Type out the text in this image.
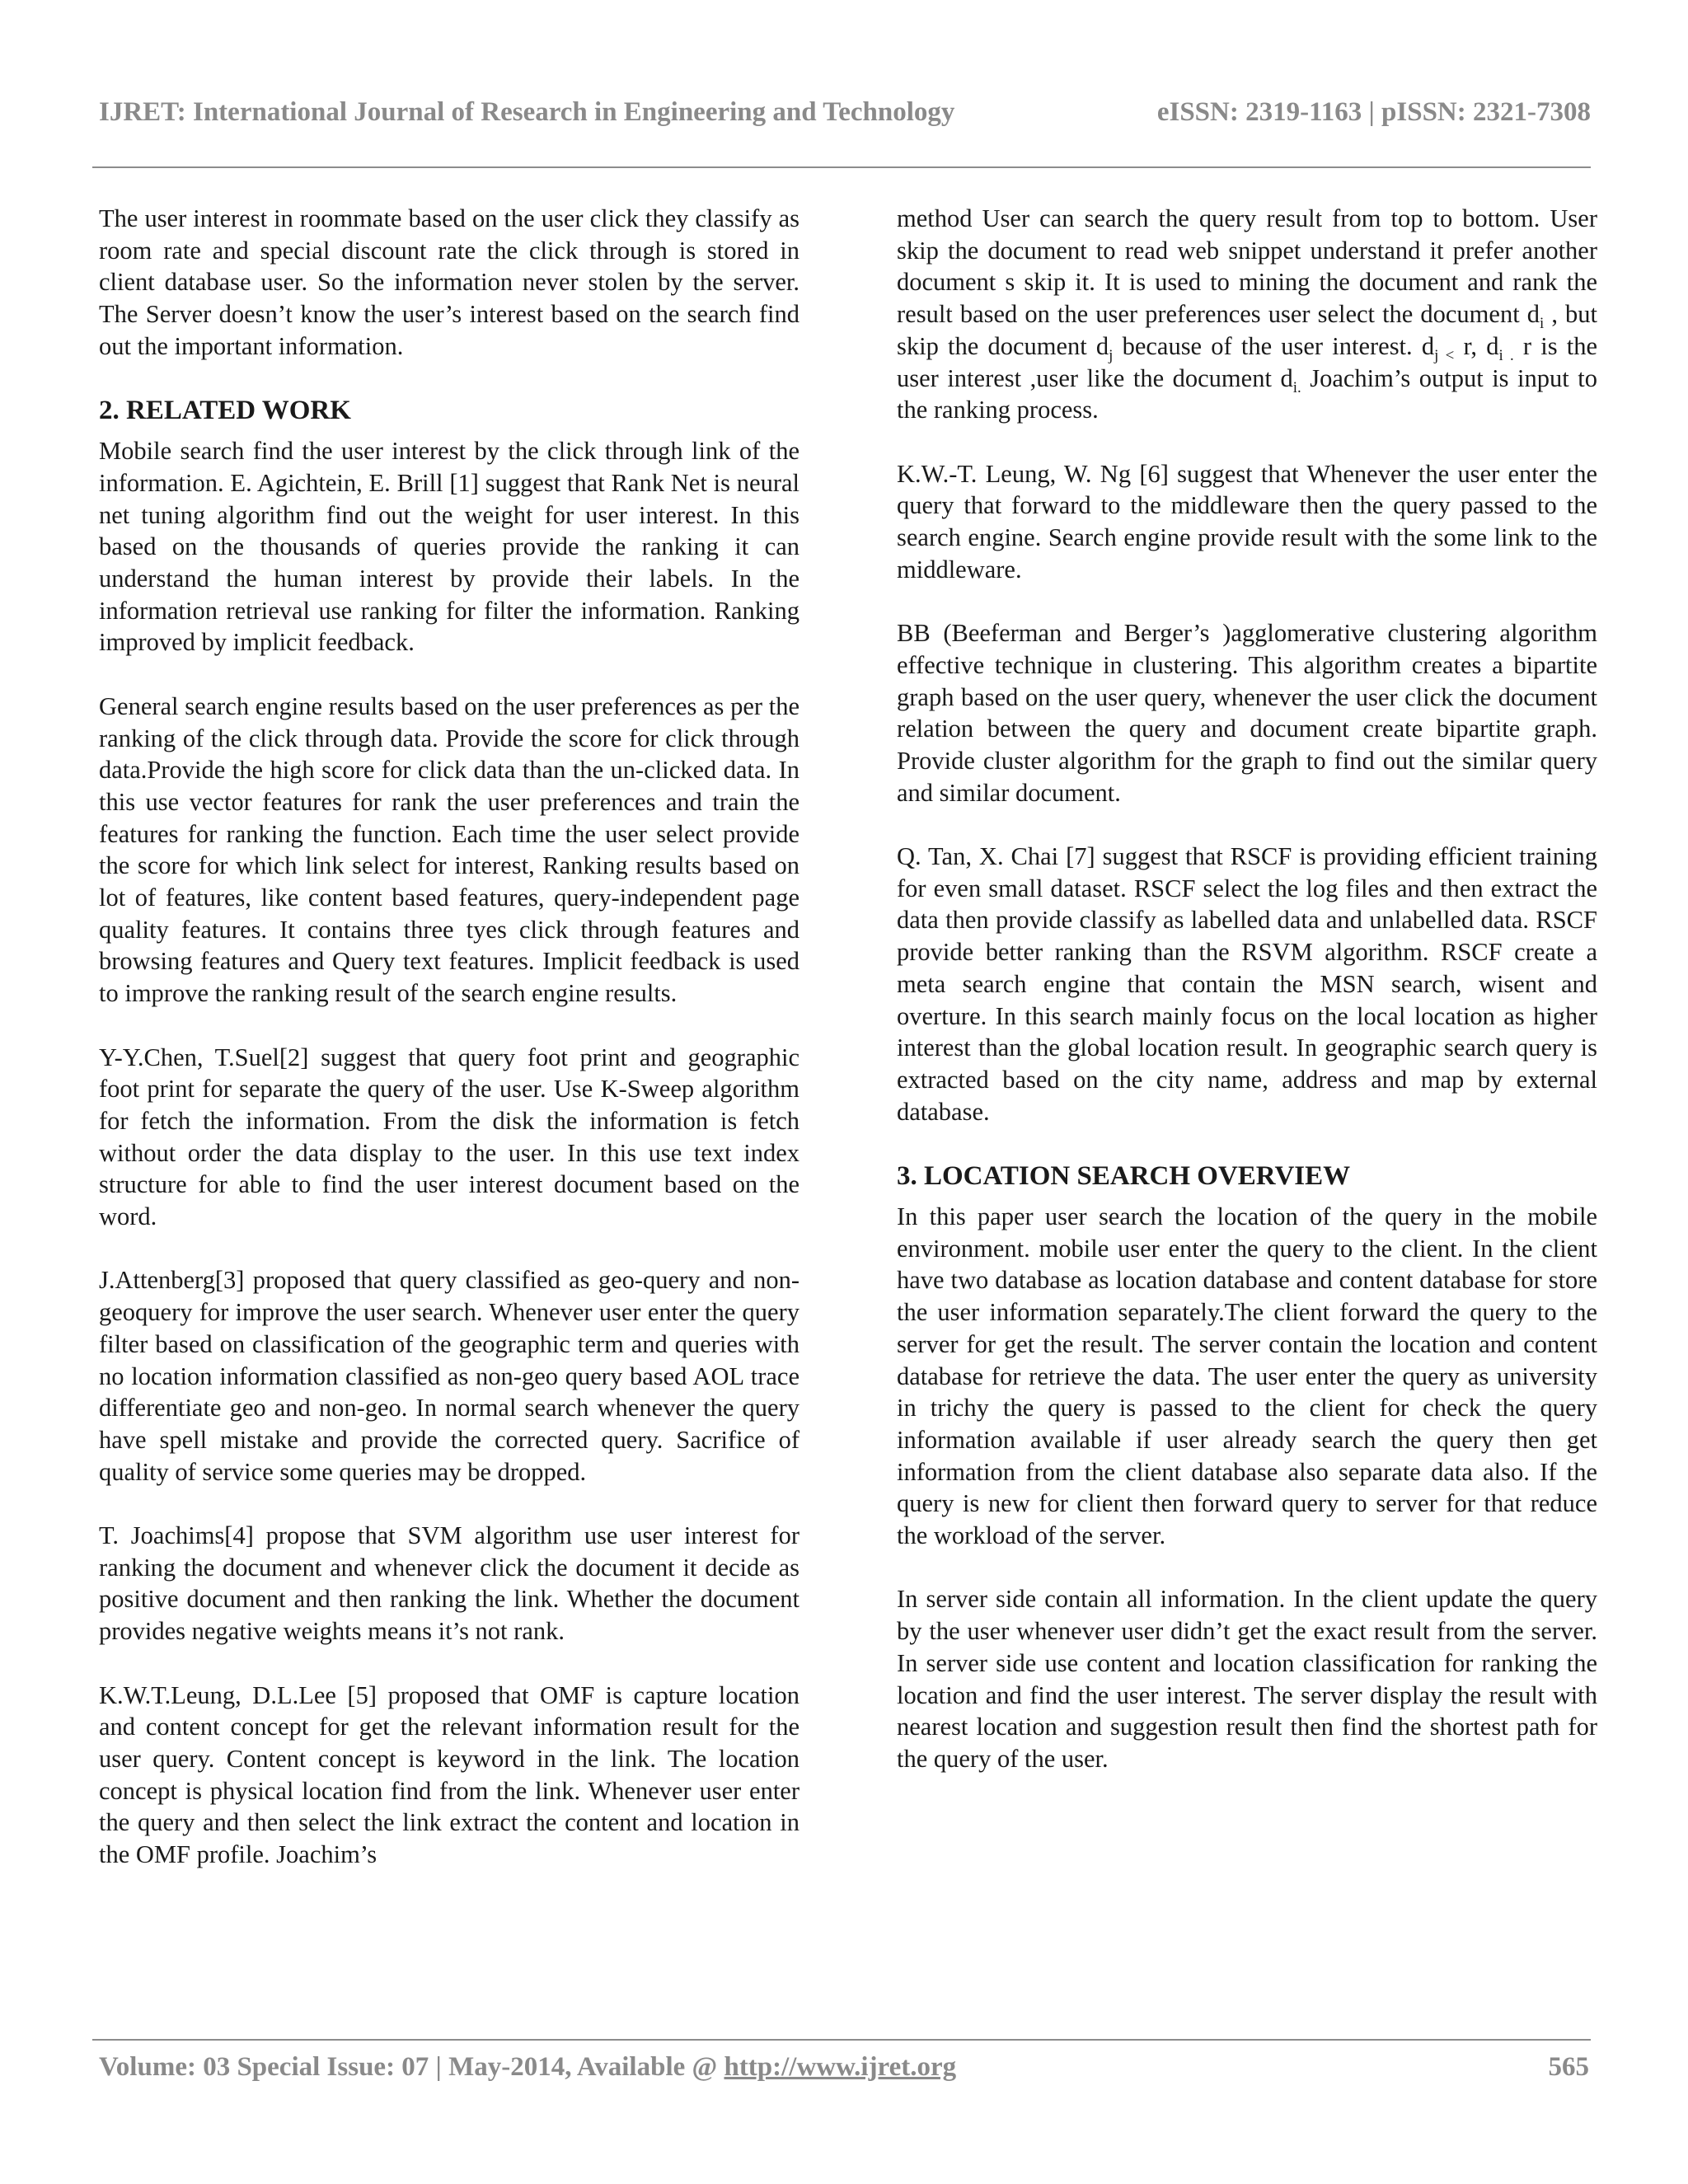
IJRET: International Journal of Research in Engineering and Technology	eISSN: 2319-1163 | pISSN: 2321-7308

The user interest in roommate based on the user click they classify as room rate and special discount rate the click through is stored in client database user. So the information never stolen by the server. The Server doesn’t know the user’s interest based on the search find out the important information.

2. RELATED WORK

Mobile search find the user interest by the click through link of the information. E. Agichtein, E. Brill [1] suggest that Rank Net is neural net tuning algorithm find out the weight for user interest. In this based on the thousands of queries provide the ranking it can understand the human interest by provide their labels. In the information retrieval use ranking for filter the information. Ranking improved by implicit feedback.

General search engine results based on the user preferences as per the ranking of the click through data. Provide the score for click through data.Provide the high score for click data than the un-clicked data. In this use vector features for rank the user preferences and train the features for ranking the function. Each time the user select provide the score for which link select for interest, Ranking results based on lot of features, like content based features, query-independent page quality features. It contains three tyes click through features and browsing features and Query text features. Implicit feedback is used to improve the ranking result of the search engine results.

Y-Y.Chen, T.Suel[2] suggest that query foot print and geographic foot print for separate the query of the user. Use K-Sweep algorithm for fetch the information. From the disk the information is fetch without order the data display to the user. In this use text index structure for able to find the user interest document based on the word.

J.Attenberg[3] proposed that query classified as geo-query and non-geoquery for improve the user search. Whenever user enter the query filter based on classification of the geographic term and queries with no location information classified as non-geo query based AOL trace differentiate geo and non-geo. In normal search whenever the query have spell mistake and provide the corrected query. Sacrifice of quality of service some queries may be dropped.

T. Joachims[4] propose that SVM algorithm use user interest for ranking the document and whenever click the document it decide as positive document and then ranking the link. Whether the document provides negative weights means it’s not rank.

K.W.T.Leung, D.L.Lee [5] proposed that OMF is capture location and content concept for get the relevant information result for the user query. Content concept is keyword in the link. The location concept is physical location find from the link. Whenever user enter the query and then select the link extract the content and location in the OMF profile. Joachim’s

method User can search the query result from top to bottom. User skip the document to read web snippet understand it prefer another document s skip it. It is used to mining the document and rank the result based on the user preferences user select the document $d_i$ , but skip the document $d_j$ because of the user interest. $d_{j <}$ r, $d_{i .}$ r is the user interest ,user like the document $d_{i.}$ Joachim’s output is input to the ranking process.

K.W.-T. Leung, W. Ng [6] suggest that Whenever the user enter the query that forward to the middleware then the query passed to the search engine. Search engine provide result with the some link to the middleware.

BB (Beeferman and Berger’s )agglomerative clustering algorithm effective technique in clustering. This algorithm creates a bipartite graph based on the user query, whenever the user click the document relation between the query and document create bipartite graph. Provide cluster algorithm for the graph to find out the similar query and similar document.

Q. Tan, X. Chai [7] suggest that RSCF is providing efficient training for even small dataset. RSCF select the log files and then extract the data then provide classify as labelled data and unlabelled data. RSCF provide better ranking than the RSVM algorithm. RSCF create a meta search engine that contain the MSN search, wisent and overture. In this search mainly focus on the local location as higher interest than the global location result. In geographic search query is extracted based on the city name, address and map by external database.

3. LOCATION SEARCH OVERVIEW

In this paper user search the location of the query in the mobile environment. mobile user enter the query to the client. In the client have two database as location database and content database for store the user information separately.The client forward the query to the server for get the result. The server contain the location and content database for retrieve the data. The user enter the query as university in trichy the query is passed to the client for check the query information available if user already search the query then get information from the client database also separate data also. If the query is new for client then forward query to server for that reduce the workload of the server.

In server side contain all information. In the client update the query by the user whenever user didn’t get the exact result from the server. In server side use content and location classification for ranking the location and find the user interest. The server display the result with nearest location and suggestion result then find the shortest path for the query of the user.

Volume: 03 Special Issue: 07 | May-2014, Available @ http://www.ijret.org	565
